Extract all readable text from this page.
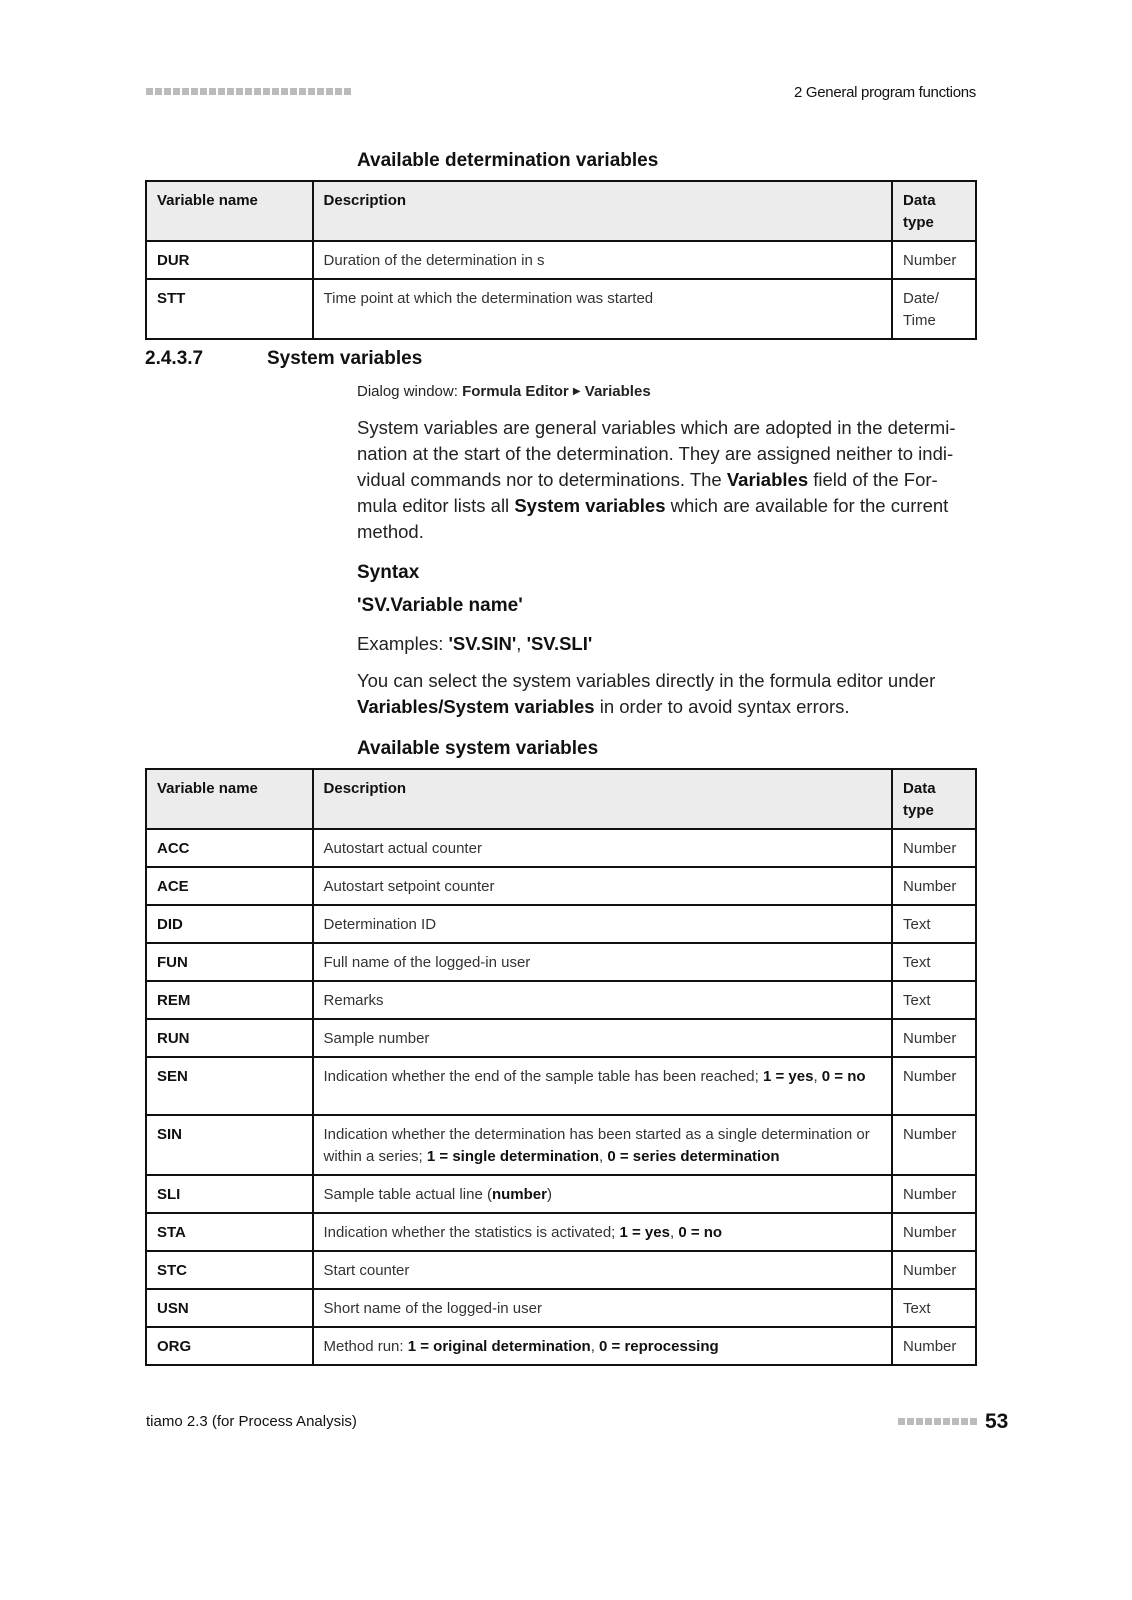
2 General program functions
Available determination variables
Variable name	Description	Data type
DUR	Duration of the determination in s	Number
STT	Time point at which the determination was started	Date/ Time
2.4.3.7	System variables
Dialog window: Formula Editor ▶ Variables
System variables are general variables which are adopted in the determi-
nation at the start of the determination. They are assigned neither to indi-
vidual commands nor to determinations. The Variables field of the For-
mula editor lists all System variables which are available for the current
method.
Syntax
'SV.Variable name'
Examples: 'SV.SIN', 'SV.SLI'
You can select the system variables directly in the formula editor under
Variables/System variables in order to avoid syntax errors.
Available system variables
Variable name	Description	Data type
ACC	Autostart actual counter	Number
ACE	Autostart setpoint counter	Number
DID	Determination ID	Text
FUN	Full name of the logged-in user	Text
REM	Remarks	Text
RUN	Sample number	Number
SEN	Indication whether the end of the sample table has been reached; 1 = yes, 0 = no	Number
SIN	Indication whether the determination has been started as a single determination or within a series; 1 = single determination, 0 = series determination	Number
SLI	Sample table actual line (number)	Number
STA	Indication whether the statistics is activated; 1 = yes, 0 = no	Number
STC	Start counter	Number
USN	Short name of the logged-in user	Text
ORG	Method run: 1 = original determination, 0 = reprocessing	Number
tiamo 2.3 (for Process Analysis)	53
